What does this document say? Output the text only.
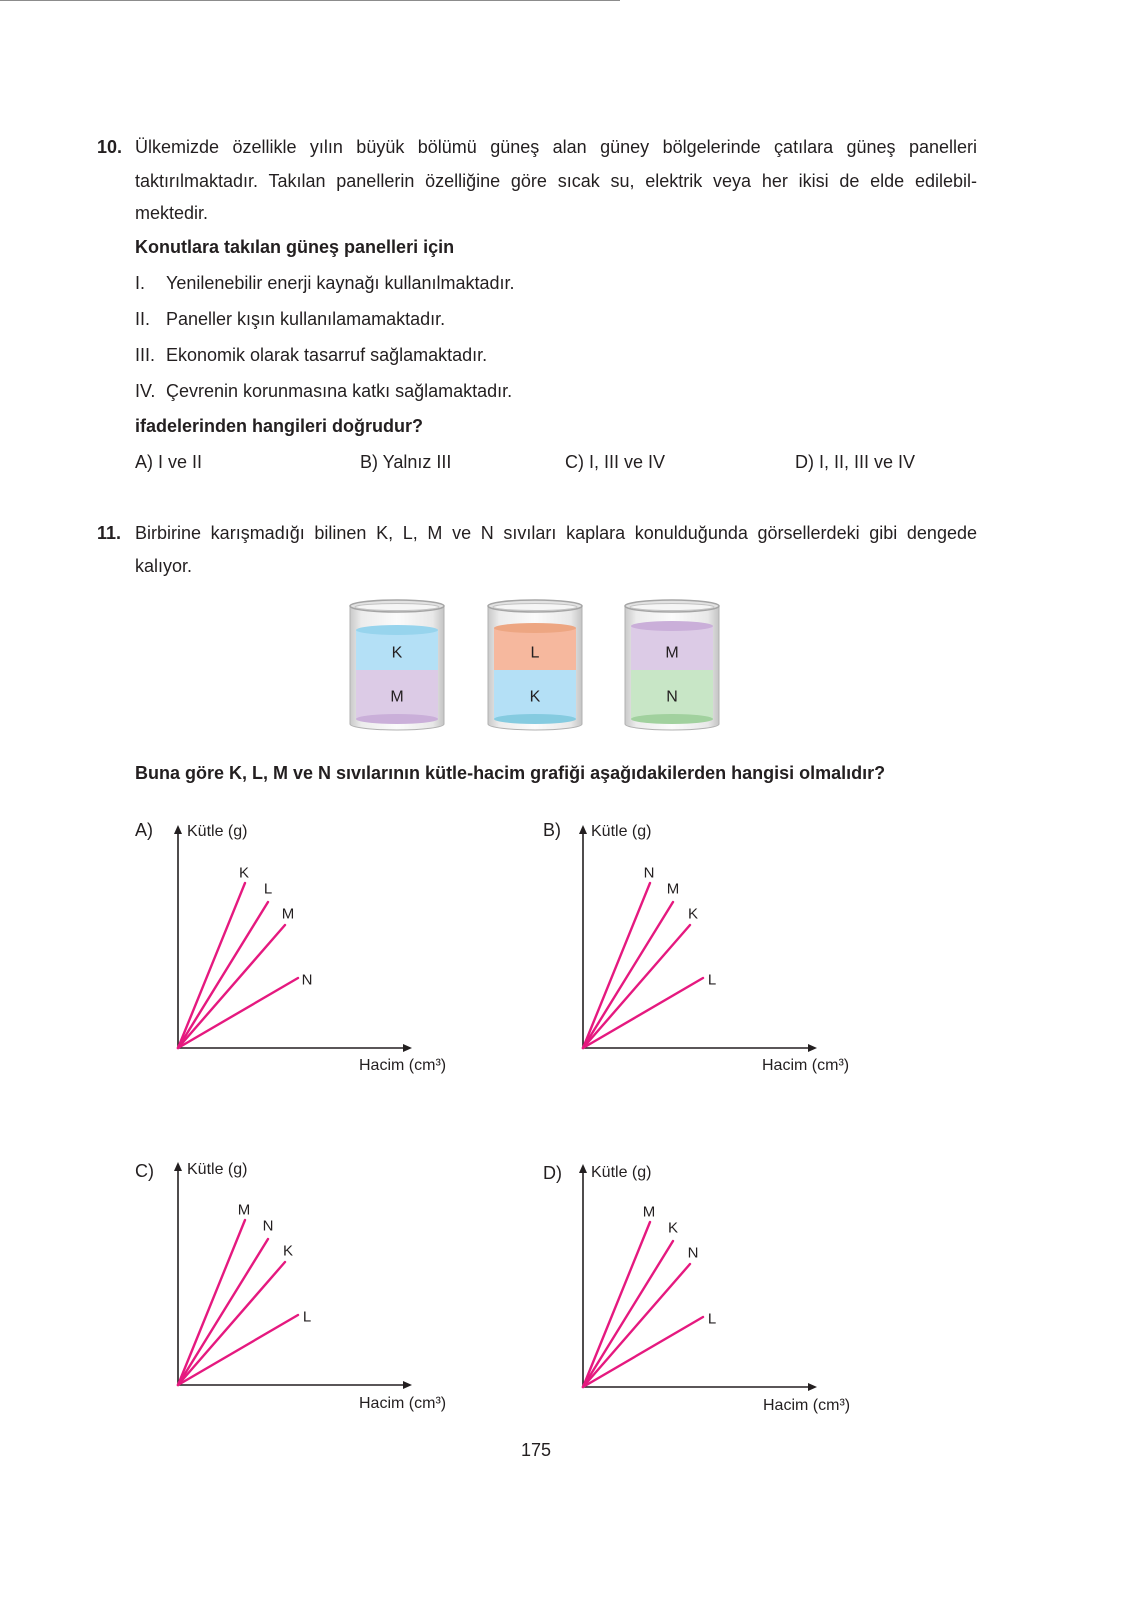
10. Ülkemizde özellikle yılın büyük bölümü güneş alan güney bölgelerinde çatılara güneş panelleri
taktırılmaktadır. Takılan panellerin özelliğine göre sıcak su, elektrik veya her ikisi de elde edilebil-
mektedir.
Konutlara takılan güneş panelleri için
I. Yenilenebilir enerji kaynağı kullanılmaktadır.
II. Paneller kışın kullanılamamaktadır.
III. Ekonomik olarak tasarruf sağlamaktadır.
IV. Çevrenin korunmasına katkı sağlamaktadır.
ifadelerinden hangileri doğrudur?
A) I ve II	B) Yalnız III	C) I, III ve IV	D) I, II, III ve IV
11. Birbirine karışmadığı bilinen K, L, M ve N sıvıları kaplara konulduğunda görsellerdeki gibi dengede
kalıyor.
K
M
L
K
M
N
Buna göre K, L, M ve N sıvılarının kütle-hacim grafiği aşağıdakilerden hangisi olmalıdır?
A) Kütle (g)
Hacim (cm³)
K
L
M
N
B) Kütle (g)
Hacim (cm³)
N
M
K
L
C) Kütle (g)
Hacim (cm³)
M
N
K
L
D) Kütle (g)
Hacim (cm³)
M
K
N
L
175
